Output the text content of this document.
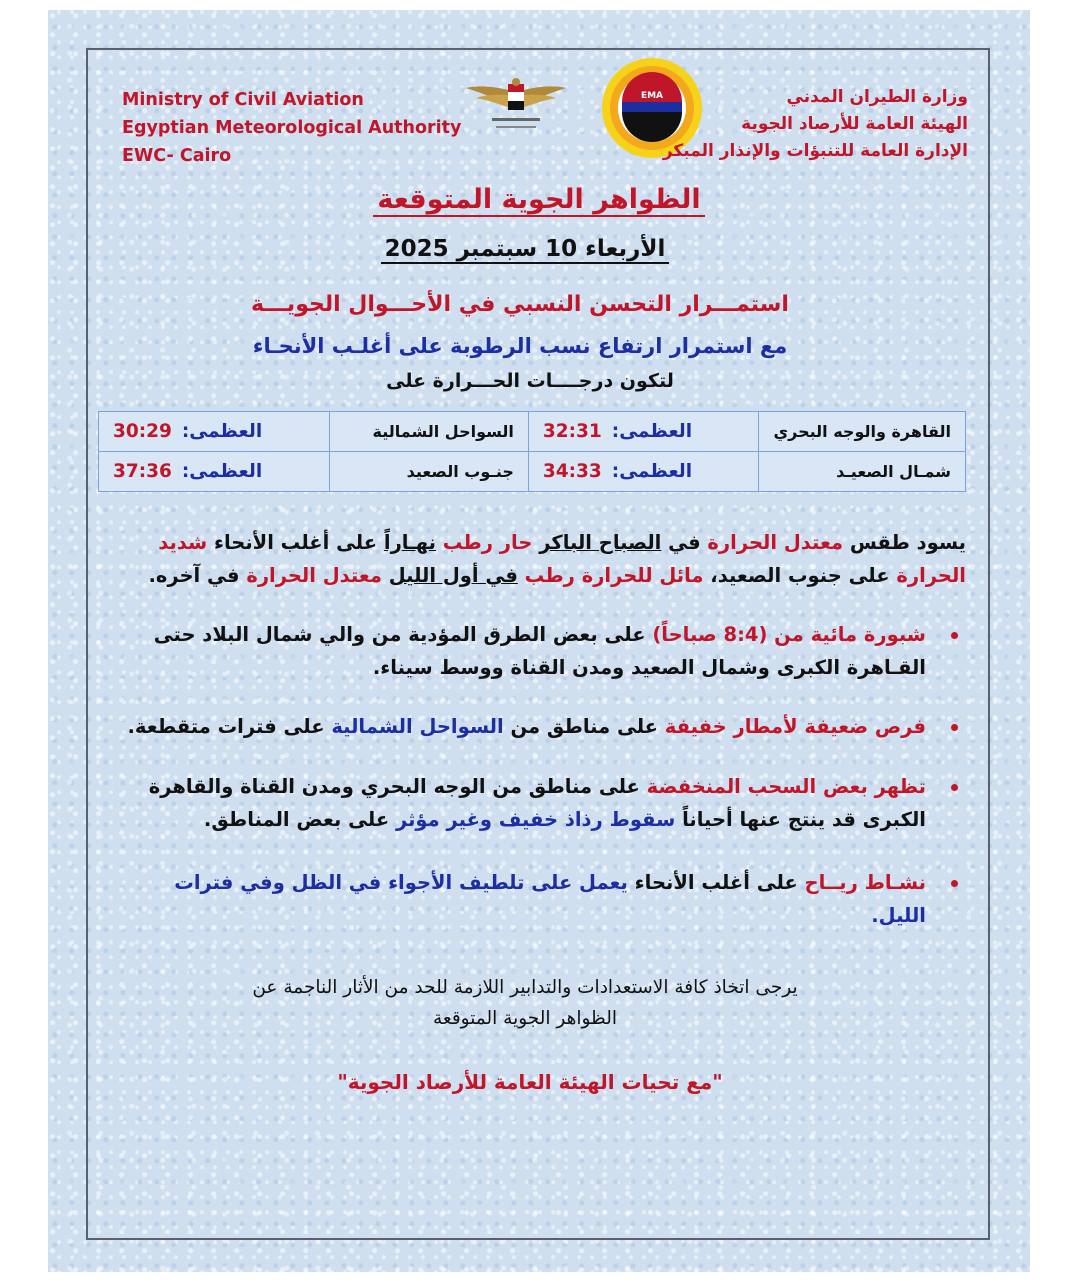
Ministry of Civil Aviation
Egyptian Meteorological Authority
EWC- Cairo
EMA	وزارة الطيران المدني
الهيئة العامة للأرصاد الجوية
الإدارة العامة للتنبؤات والإنذار المبكر
الظواهر الجوية المتوقعة
الأربعاء 10 سبتمبر 2025
استمـــرار التحسن النسبي في الأحـــوال الجويـــة
مع استمرار ارتفاع نسب الرطوبة على أغلـب الأنحـاء
لتكون درجــــات الحـــرارة على
القاهرة والوجه البحري	العظمى:32:31	السواحل الشمالية	العظمى:30:29
شمـال الصعيـد	العظمى:34:33	جنـوب الصعيد	العظمى:37:36
يسود طقس معتدل الحرارة في الصباح الباكر حار رطب نهـاراً على أغلب الأنحاء شديد الحرارة على جنوب الصعيد، مائل للحرارة رطب في أول الليل معتدل الحرارة في آخره.
شبورة مائية من (8:4 صباحاً) على بعض الطرق المؤدية من والي شمال البلاد حتى القـاهرة الكبرى وشمال الصعيد ومدن القناة ووسط سيناء.
فرص ضعيفة لأمطار خفيفة على مناطق من السواحل الشمالية على فترات متقطعة.
تظهر بعض السحب المنخفضة على مناطق من الوجه البحري ومدن القناة والقاهرة الكبرى قد ينتج عنها أحياناً سقوط رذاذ خفيف وغير مؤثر على بعض المناطق.
نشـاط ريــاح على أغلب الأنحاء يعمل على تلطيف الأجواء في الظل وفي فترات الليل.
يرجى اتخاذ كافة الاستعدادات والتدابير اللازمة للحد من الأثار الناجمة عن
الظواهر الجوية المتوقعة
"مع تحيات الهيئة العامة للأرصاد الجوية"
